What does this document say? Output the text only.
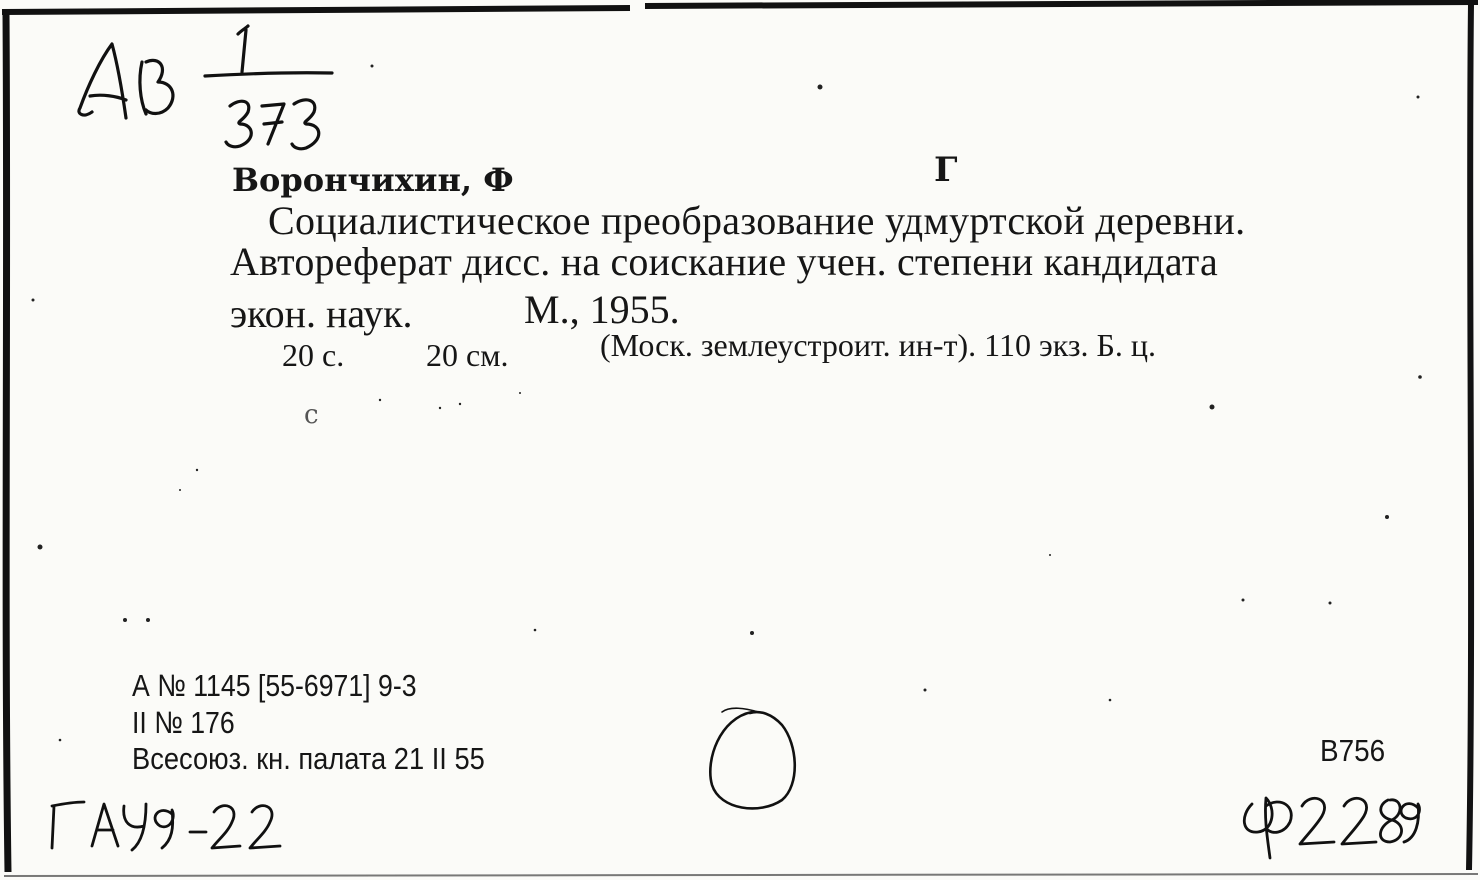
Ворончихин, Ф	Г
Социалистическое преобразование удмуртской деревни.
Автореферат дисс. на соискание учен. степени кандидата
экон. наук.	М., 1955.
20 с.	20 см.	(Моск. землеустроит. ин-т). 110 экз. Б. ц.
с
А № 1145 [55-6971] 9-3
II № 176
Всесоюз. кн. палата 21 II 55	В756
